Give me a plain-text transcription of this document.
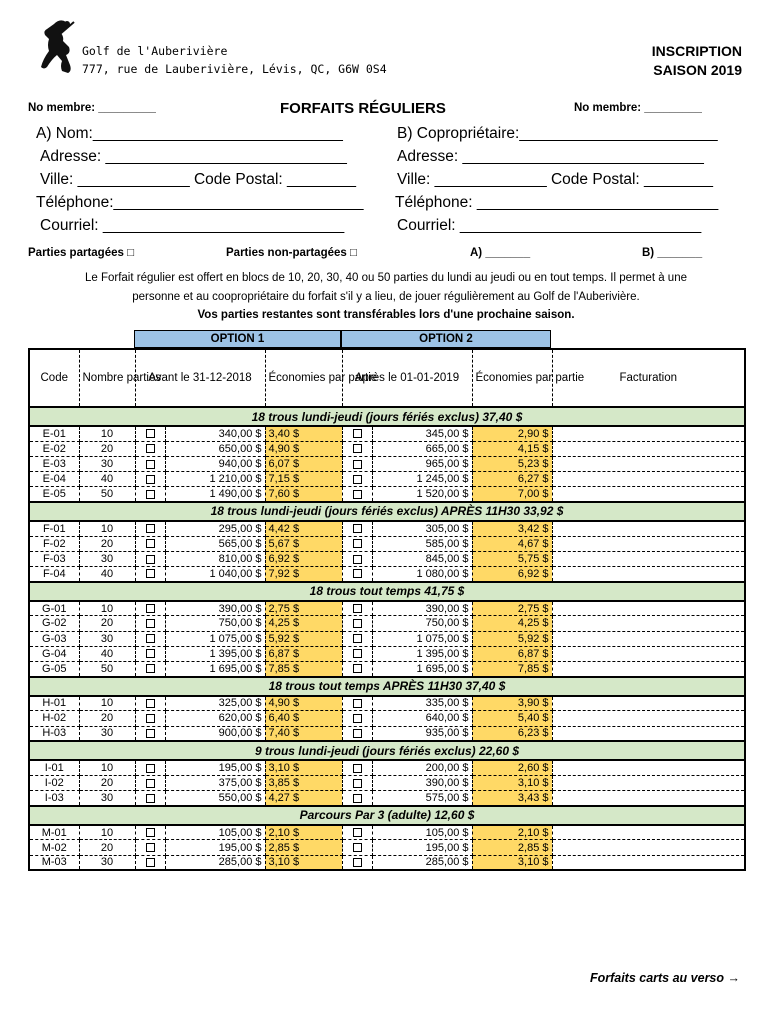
Golf de l'Auberivière
777, rue de Lauberivière, Lévis, QC, G6W 0S4
INSCRIPTION
SAISON 2019
No membre: _________	FORFAITS RÉGULIERS	No membre: _________
A) Nom:_____________________________
Adresse: ____________________________
Ville: _____________ Code Postal: ________
Téléphone:_____________________________
Courriel: ____________________________
B) Copropriétaire:_______________________
Adresse: ____________________________
Ville: _____________ Code Postal: ________
Téléphone: ____________________________
Courriel: ____________________________
Parties partagées □	Parties non-partagées □	A) _______	B) _______
Le Forfait régulier est offert en blocs de 10, 20, 30, 40 ou 50 parties du lundi au jeudi ou en tout temps. Il permet à une
personne et au coopropriétaire du forfait s'il y a lieu, de jouer régulièrement au Golf de l'Auberivière.
Vos parties restantes sont transférables lors d'une prochaine saison.
OPTION 1	OPTION 2
Code	Nombre parties	Avant le 31-12-2018		Économies par partie	Après le 01-01-2019		Économies par partie	Facturation
18 trous lundi-jeudi (jours fériés exclus) 37,40 $								
E-01	10		340,00 $	3,40 $		345,00 $	2,90 $	
E-02	20		650,00 $	4,90 $		665,00 $	4,15 $	
E-03	30		940,00 $	6,07 $		965,00 $	5,23 $	
E-04	40		1 210,00 $	7,15 $		1 245,00 $	6,27 $	
E-05	50		1 490,00 $	7,60 $		1 520,00 $	7,00 $	
18 trous lundi-jeudi (jours fériés exclus) APRÈS 11H30 33,92 $								
F-01	10		295,00 $	4,42 $		305,00 $	3,42 $	
F-02	20		565,00 $	5,67 $		585,00 $	4,67 $	
F-03	30		810,00 $	6,92 $		845,00 $	5,75 $	
F-04	40		1 040,00 $	7,92 $		1 080,00 $	6,92 $	
18 trous tout temps 41,75 $								
G-01	10		390,00 $	2,75 $		390,00 $	2,75 $	
G-02	20		750,00 $	4,25 $		750,00 $	4,25 $	
G-03	30		1 075,00 $	5,92 $		1 075,00 $	5,92 $	
G-04	40		1 395,00 $	6,87 $		1 395,00 $	6,87 $	
G-05	50		1 695,00 $	7,85 $		1 695,00 $	7,85 $	
18 trous tout temps APRÈS 11H30 37,40 $								
H-01	10		325,00 $	4,90 $		335,00 $	3,90 $	
H-02	20		620,00 $	6,40 $		640,00 $	5,40 $	
H-03	30		900,00 $	7,40 $		935,00 $	6,23 $	
9 trous lundi-jeudi (jours fériés exclus) 22,60 $								
I-01	10		195,00 $	3,10 $		200,00 $	2,60 $	
I-02	20		375,00 $	3,85 $		390,00 $	3,10 $	
I-03	30		550,00 $	4,27 $		575,00 $	3,43 $	
Parcours Par 3 (adulte) 12,60 $								
M-01	10		105,00 $	2,10 $		105,00 $	2,10 $	
M-02	20		195,00 $	2,85 $		195,00 $	2,85 $	
M-03	30		285,00 $	3,10 $		285,00 $	3,10 $	
Forfaits carts au verso →
